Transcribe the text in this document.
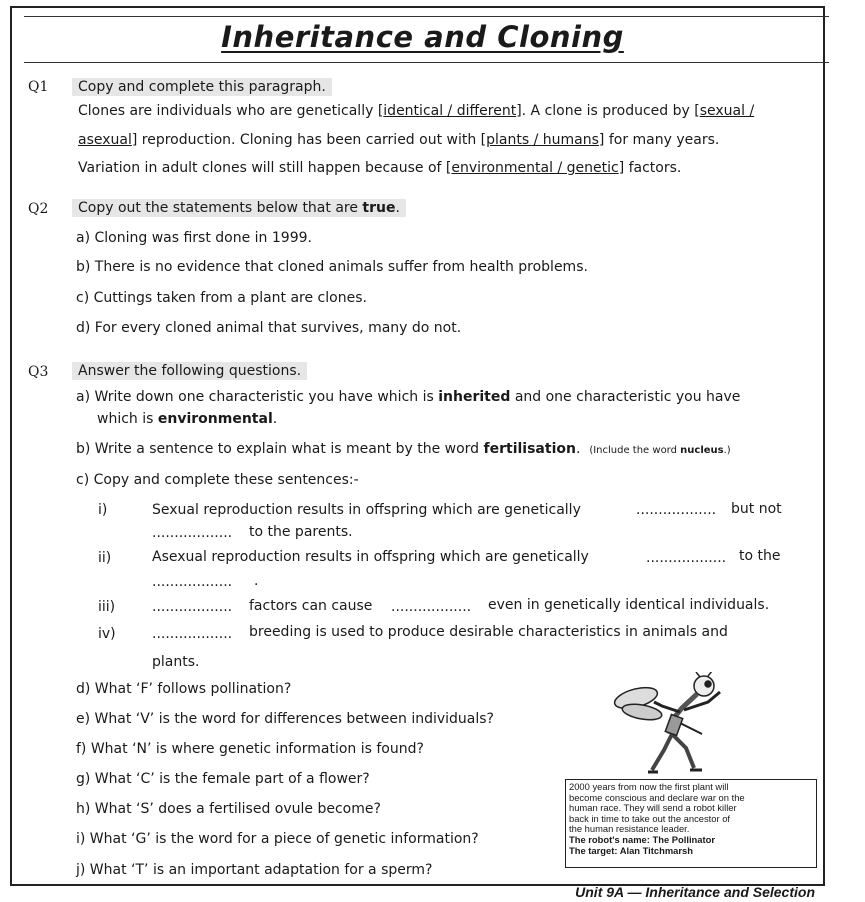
Inheritance and Cloning
Q1	Copy and complete this paragraph.
Clones are individuals who are genetically [identical / different]. A clone is produced by [sexual /
asexual] reproduction. Cloning has been carried out with [plants / humans] for many years.
Variation in adult clones will still happen because of [environmental / genetic] factors.
Q2	Copy out the statements below that are true.
a) Cloning was first done in 1999.
b) There is no evidence that cloned animals suffer from health problems.
c) Cuttings taken from a plant are clones.
d) For every cloned animal that survives, many do not.
Q3	Answer the following questions.
a) Write down one characteristic you have which is inherited and one characteristic you have
which is environmental.
b) Write a sentence to explain what is meant by the word fertilisation. (Include the word nucleus.)
c) Copy and complete these sentences:-
i)	Sexual reproduction results in offspring which are genetically	.................. but not
.................. to the parents.
ii)	Asexual reproduction results in offspring which are genetically	.................. to the
.................. .
iii)	.................. factors can cause .................. even in genetically identical individuals.
iv)	.................. breeding is used to produce desirable characteristics in animals and
plants.
d) What ‘F’ follows pollination?
e) What ‘V’ is the word for differences between individuals?
f) What ‘N’ is where genetic information is found?
g) What ‘C’ is the female part of a flower?
h) What ‘S’ does a fertilised ovule become?
i) What ‘G’ is the word for a piece of genetic information?
j) What ‘T’ is an important adaptation for a sperm?
2000 years from now the first plant will
become conscious and declare war on the
human race. They will send a robot killer
back in time to take out the ancestor of
the human resistance leader.
The robot's name: The Pollinator
The target: Alan Titchmarsh
Unit 9A — Inheritance and Selection
